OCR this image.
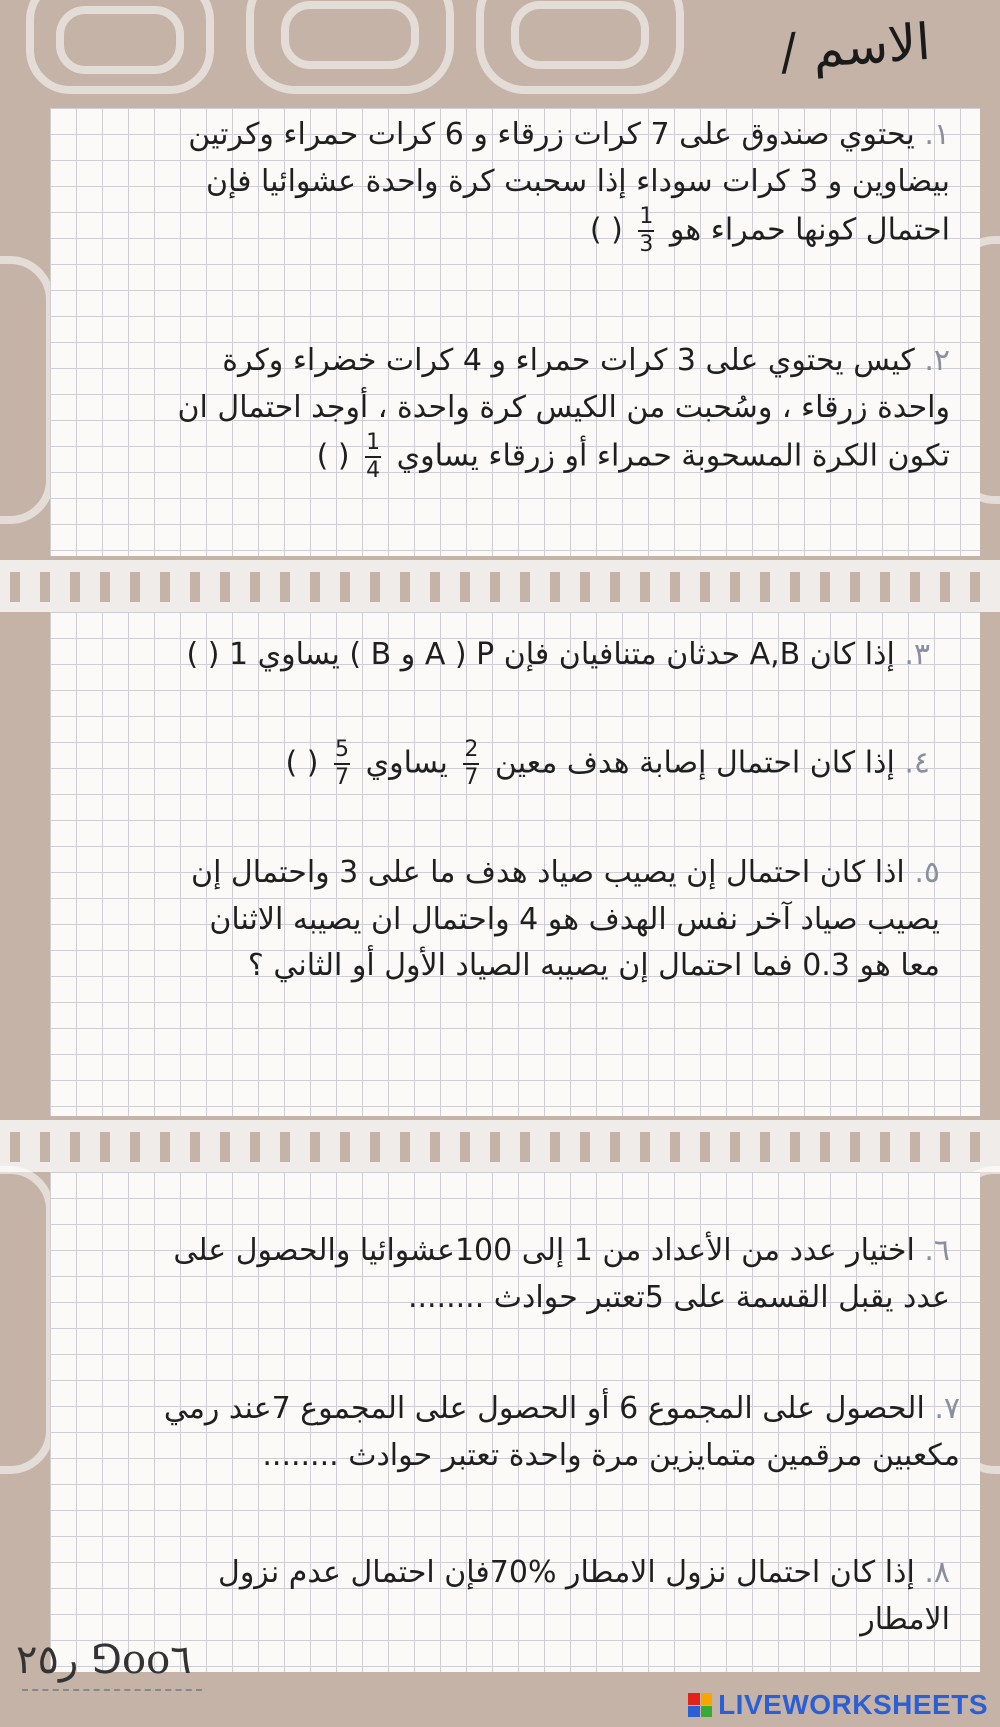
الاسم /
١. يحتوي صندوق على 7 كرات زرقاء و 6 كرات حمراء وكرتين
بيضاوين و 3 كرات سوداء إذا سحبت كرة واحدة عشوائيا فإن
احتمال كونها حمراء هو
$\frac{1}{3}$
( )
٢. كيس يحتوي على 3 كرات حمراء و 4 كرات خضراء وكرة
واحدة زرقاء ، وسُحبت من الكيس كرة واحدة ، أوجد احتمال ان
تكون الكرة المسحوبة حمراء أو زرقاء يساوي
$\frac{1}{4}$
( )
٣. إذا كان A,B حدثان متنافيان فإن P ( A و B ) يساوي 1 ( )
٤. إذا كان احتمال إصابة هدف معين
$\frac{2}{7}$
يساوي
$\frac{5}{7}$
( )
٥. اذا كان احتمال إن يصيب صياد هدف ما على 3 واحتمال إن
يصيب صياد آخر نفس الهدف هو 4 واحتمال ان يصيبه الاثنان
معا هو 0.3 فما احتمال إن يصيبه الصياد الأول أو الثاني ؟
٦. اختيار عدد من الأعداد من 1 إلى 100عشوائيا والحصول على
عدد يقبل القسمة على 5تعتبر حوادث ........
٧. الحصول على المجموع 6 أو الحصول على المجموع 7عند رمي
مكعبين مرقمين متمايزين مرة واحدة تعتبر حوادث ........
٨. إذا كان احتمال نزول الامطار %70فإن احتمال عدم نزول
الامطار
ر٢٥ ⅁oo٦
LIVEWORKSHEETS
